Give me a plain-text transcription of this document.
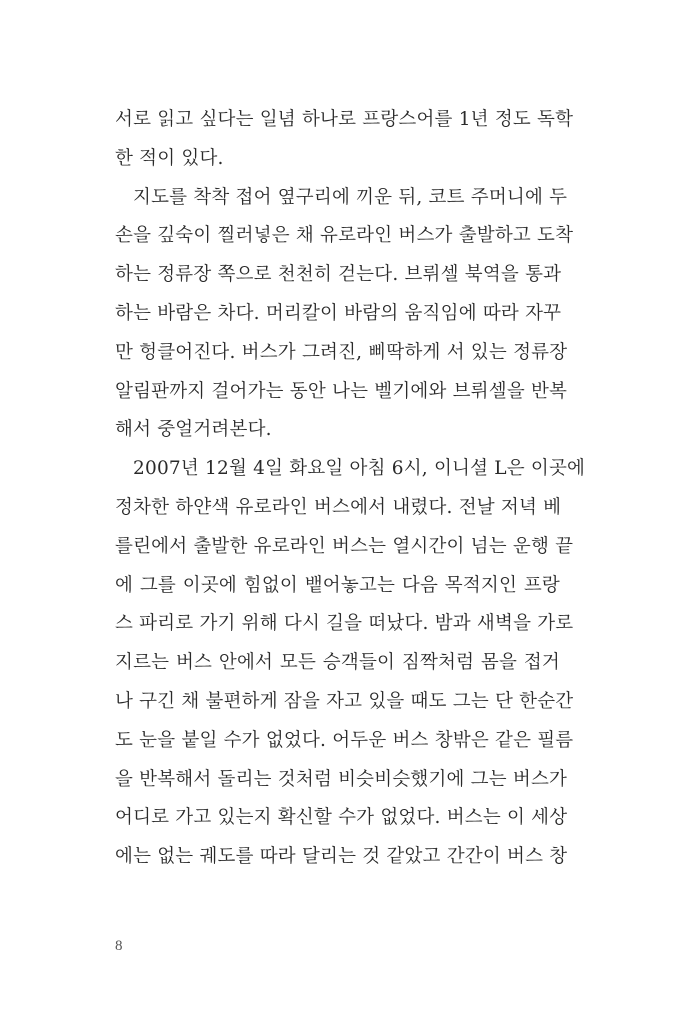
서로 읽고 싶다는 일념 하나로 프랑스어를 1년 정도 독학
한 적이 있다.
지도를 착착 접어 옆구리에 끼운 뒤, 코트 주머니에 두
손을 깊숙이 찔러넣은 채 유로라인 버스가 출발하고 도착
하는 정류장 쪽으로 천천히 걷는다. 브뤼셀 북역을 통과
하는 바람은 차다. 머리칼이 바람의 움직임에 따라 자꾸
만 헝클어진다. 버스가 그려진, 삐딱하게 서 있는 정류장
알림판까지 걸어가는 동안 나는 벨기에와 브뤼셀을 반복
해서 중얼거려본다.
2007년 12월 4일 화요일 아침 6시, 이니셜 L은 이곳에
정차한 하얀색 유로라인 버스에서 내렸다. 전날 저녁 베
를린에서 출발한 유로라인 버스는 열시간이 넘는 운행 끝
에 그를 이곳에 힘없이 뱉어놓고는 다음 목적지인 프랑
스 파리로 가기 위해 다시 길을 떠났다. 밤과 새벽을 가로
지르는 버스 안에서 모든 승객들이 짐짝처럼 몸을 접거
나 구긴 채 불편하게 잠을 자고 있을 때도 그는 단 한순간
도 눈을 붙일 수가 없었다. 어두운 버스 창밖은 같은 필름
을 반복해서 돌리는 것처럼 비슷비슷했기에 그는 버스가
어디로 가고 있는지 확신할 수가 없었다. 버스는 이 세상
에는 없는 궤도를 따라 달리는 것 같았고 간간이 버스 창
8
